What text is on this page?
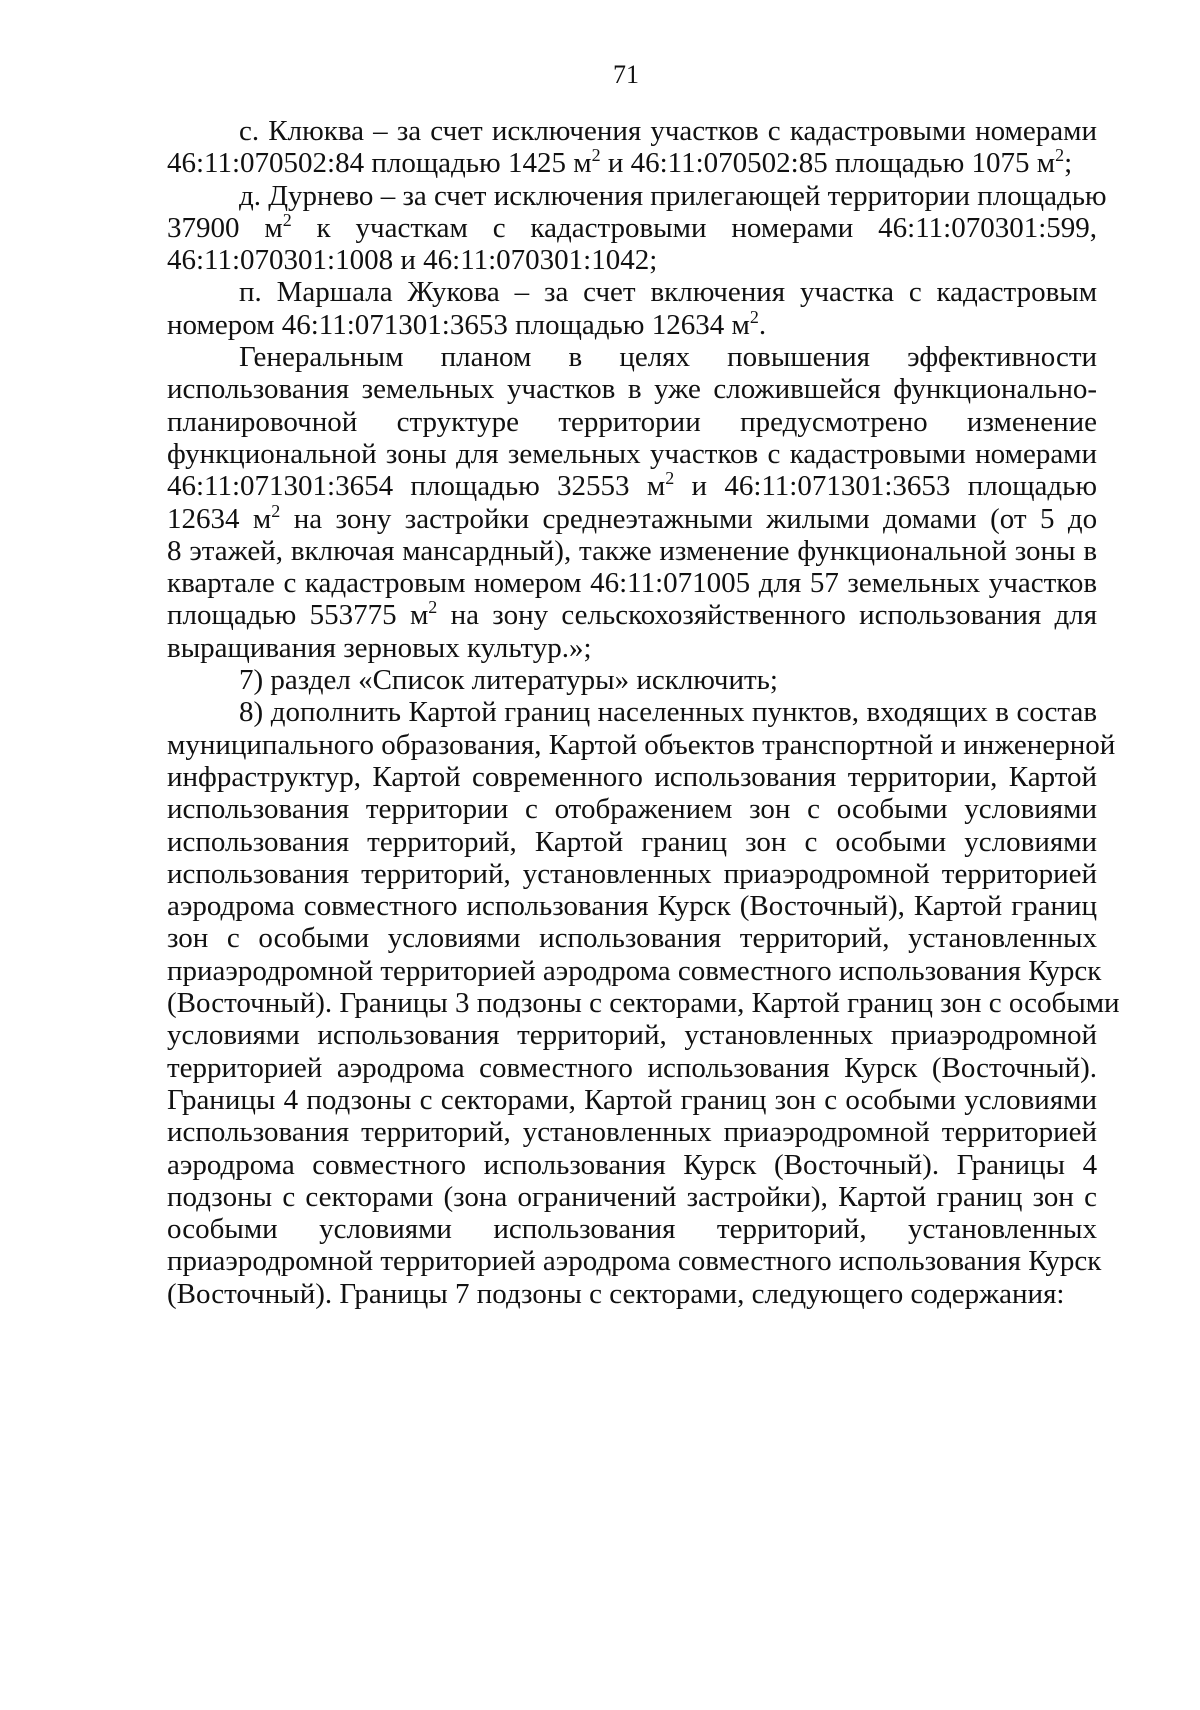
71
с. Клюква – за счет исключения участков с кадастровыми номерами
46:11:070502:84 площадью 1425 $м^2$ и 46:11:070502:85 площадью 1075 $м^2$;
д. Дурнево – за счет исключения прилегающей территории площадью
37900 $м^2$ к участкам с кадастровыми номерами 46:11:070301:599,
46:11:070301:1008 и 46:11:070301:1042;
п. Маршала Жукова – за счет включения участка с кадастровым
номером 46:11:071301:3653 площадью 12634 $м^2$.
Генеральным планом в целях повышения эффективности
использования земельных участков в уже сложившейся функционально-
планировочной структуре территории предусмотрено изменение
функциональной зоны для земельных участков с кадастровыми номерами
46:11:071301:3654 площадью 32553 $м^2$ и 46:11:071301:3653 площадью
12634 $м^2$ на зону застройки среднеэтажными жилыми домами (от 5 до
8 этажей, включая мансардный), также изменение функциональной зоны в
квартале с кадастровым номером 46:11:071005 для 57 земельных участков
площадью 553775 $м^2$ на зону сельскохозяйственного использования для
выращивания зерновых культур.»;
7) раздел «Список литературы» исключить;
8) дополнить Картой границ населенных пунктов, входящих в состав
муниципального образования, Картой объектов транспортной и инженерной
инфраструктур, Картой современного использования территории, Картой
использования территории с отображением зон с особыми условиями
использования территорий, Картой границ зон с особыми условиями
использования территорий, установленных приаэродромной территорией
аэродрома совместного использования Курск (Восточный), Картой границ
зон с особыми условиями использования территорий, установленных
приаэродромной территорией аэродрома совместного использования Курск
(Восточный). Границы 3 подзоны с секторами, Картой границ зон с особыми
условиями использования территорий, установленных приаэродромной
территорией аэродрома совместного использования Курск (Восточный).
Границы 4 подзоны с секторами, Картой границ зон с особыми условиями
использования территорий, установленных приаэродромной территорией
аэродрома совместного использования Курск (Восточный). Границы 4
подзоны с секторами (зона ограничений застройки), Картой границ зон с
особыми условиями использования территорий, установленных
приаэродромной территорией аэродрома совместного использования Курск
(Восточный). Границы 7 подзоны с секторами, следующего содержания:
